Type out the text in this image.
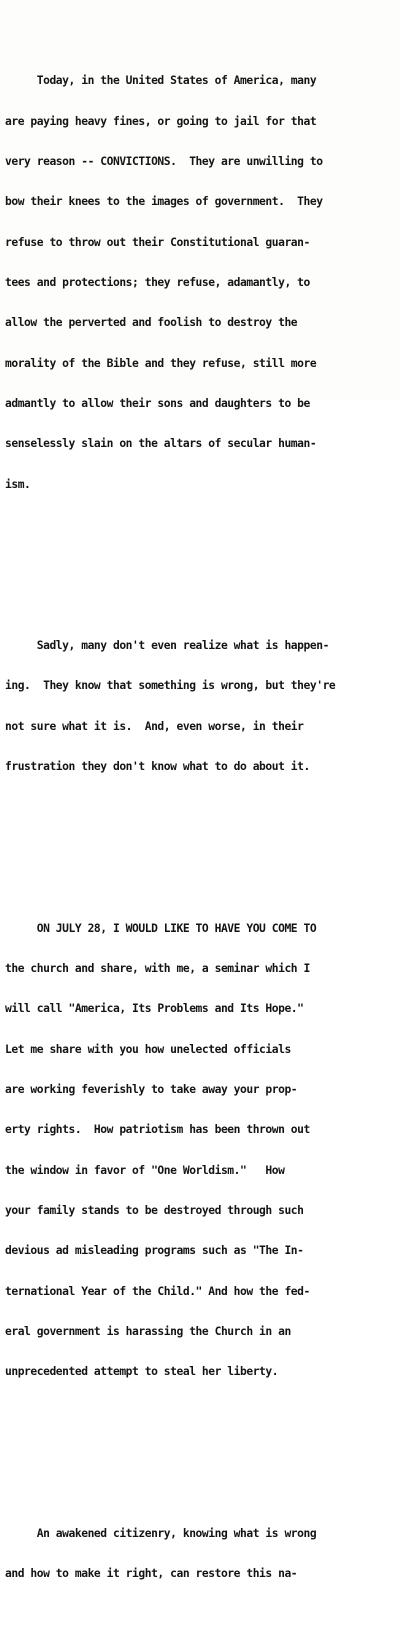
Today, in the United States of America, many

are paying heavy fines, or going to jail for that

very reason -- CONVICTIONS.  They are unwilling to

bow their knees to the images of government.  They

refuse to throw out their Constitutional guaran-

tees and protections; they refuse, adamantly, to

allow the perverted and foolish to destroy the

morality of the Bible and they refuse, still more

admantly to allow their sons and daughters to be

senselessly slain on the altars of secular human-

ism.

Sadly, many don't even realize what is happen-

ing.  They know that something is wrong, but they're

not sure what it is.  And, even worse, in their

frustration they don't know what to do about it.

ON JULY 28, I WOULD LIKE TO HAVE YOU COME TO

the church and share, with me, a seminar which I

will call "America, Its Problems and Its Hope."

Let me share with you how unelected officials

are working feverishly to take away your prop-

erty rights.  How patriotism has been thrown out

the window in favor of "One Worldism."   How

your family stands to be destroyed through such

devious ad misleading programs such as "The In-

ternational Year of the Child." And how the fed-

eral government is harassing the Church in an

unprecedented attempt to steal her liberty.

An awakened citizenry, knowing what is wrong

and how to make it right, can restore this na-
